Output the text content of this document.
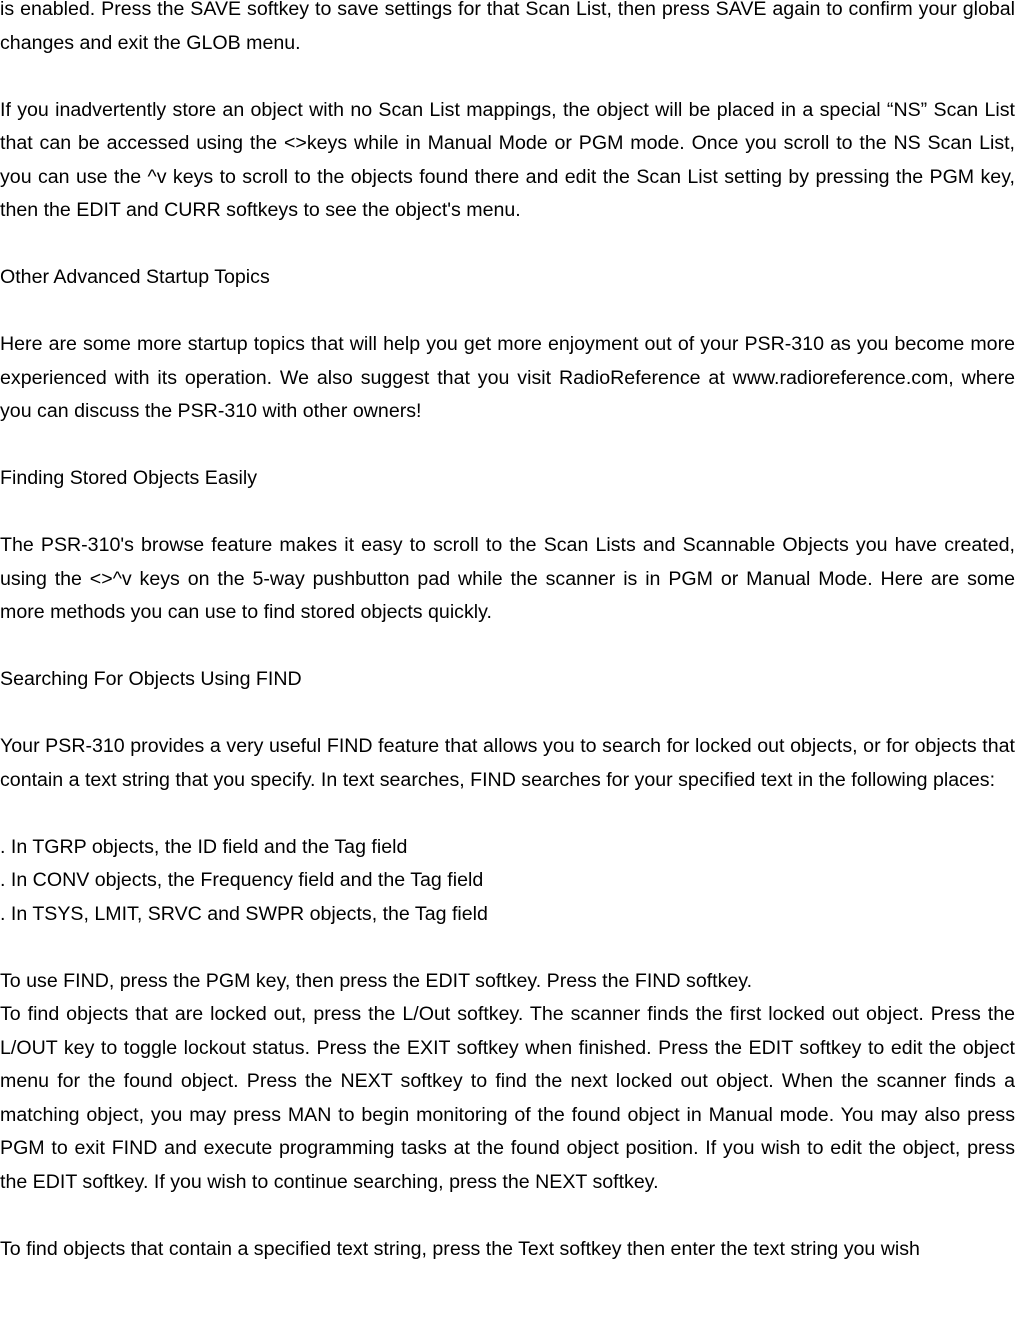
is enabled. Press the SAVE softkey to save settings for that Scan List, then press SAVE again to confirm your global changes and exit the GLOB menu.

If you inadvertently store an object with no Scan List mappings, the object will be placed in a special “NS” Scan List that can be accessed using the <>keys while in Manual Mode or PGM mode. Once you scroll to the NS Scan List, you can use the ^v keys to scroll to the objects found there and edit the Scan List setting by pressing the PGM key, then the EDIT and CURR softkeys to see the object's menu.

Other Advanced Startup Topics

Here are some more startup topics that will help you get more enjoyment out of your PSR-310 as you become more experienced with its operation. We also suggest that you visit RadioReference at www.radioreference.com, where you can discuss the PSR-310 with other owners!

Finding Stored Objects Easily

The PSR-310's browse feature makes it easy to scroll to the Scan Lists and Scannable Objects you have created, using the <>^v keys on the 5-way pushbutton pad while the scanner is in PGM or Manual Mode. Here are some more methods you can use to find stored objects quickly.

Searching For Objects Using FIND

Your PSR-310 provides a very useful FIND feature that allows you to search for locked out objects, or for objects that contain a text string that you specify. In text searches, FIND searches for your specified text in the following places:

. In TGRP objects, the ID field and the Tag field
. In CONV objects, the Frequency field and the Tag field
. In TSYS, LMIT, SRVC and SWPR objects, the Tag field

To use FIND, press the PGM key, then press the EDIT softkey. Press the FIND softkey.

To find objects that are locked out, press the L/Out softkey. The scanner finds the first locked out object. Press the L/OUT key to toggle lockout status. Press the EXIT softkey when finished. Press the EDIT softkey to edit the object menu for the found object. Press the NEXT softkey to find the next locked out object. When the scanner finds a matching object, you may press MAN to begin monitoring of the found object in Manual mode. You may also press PGM to exit FIND and execute programming tasks at the found object position. If you wish to edit the object, press the EDIT softkey. If you wish to continue searching, press the NEXT softkey.

To find objects that contain a specified text string, press the Text softkey then enter the text string you wish
